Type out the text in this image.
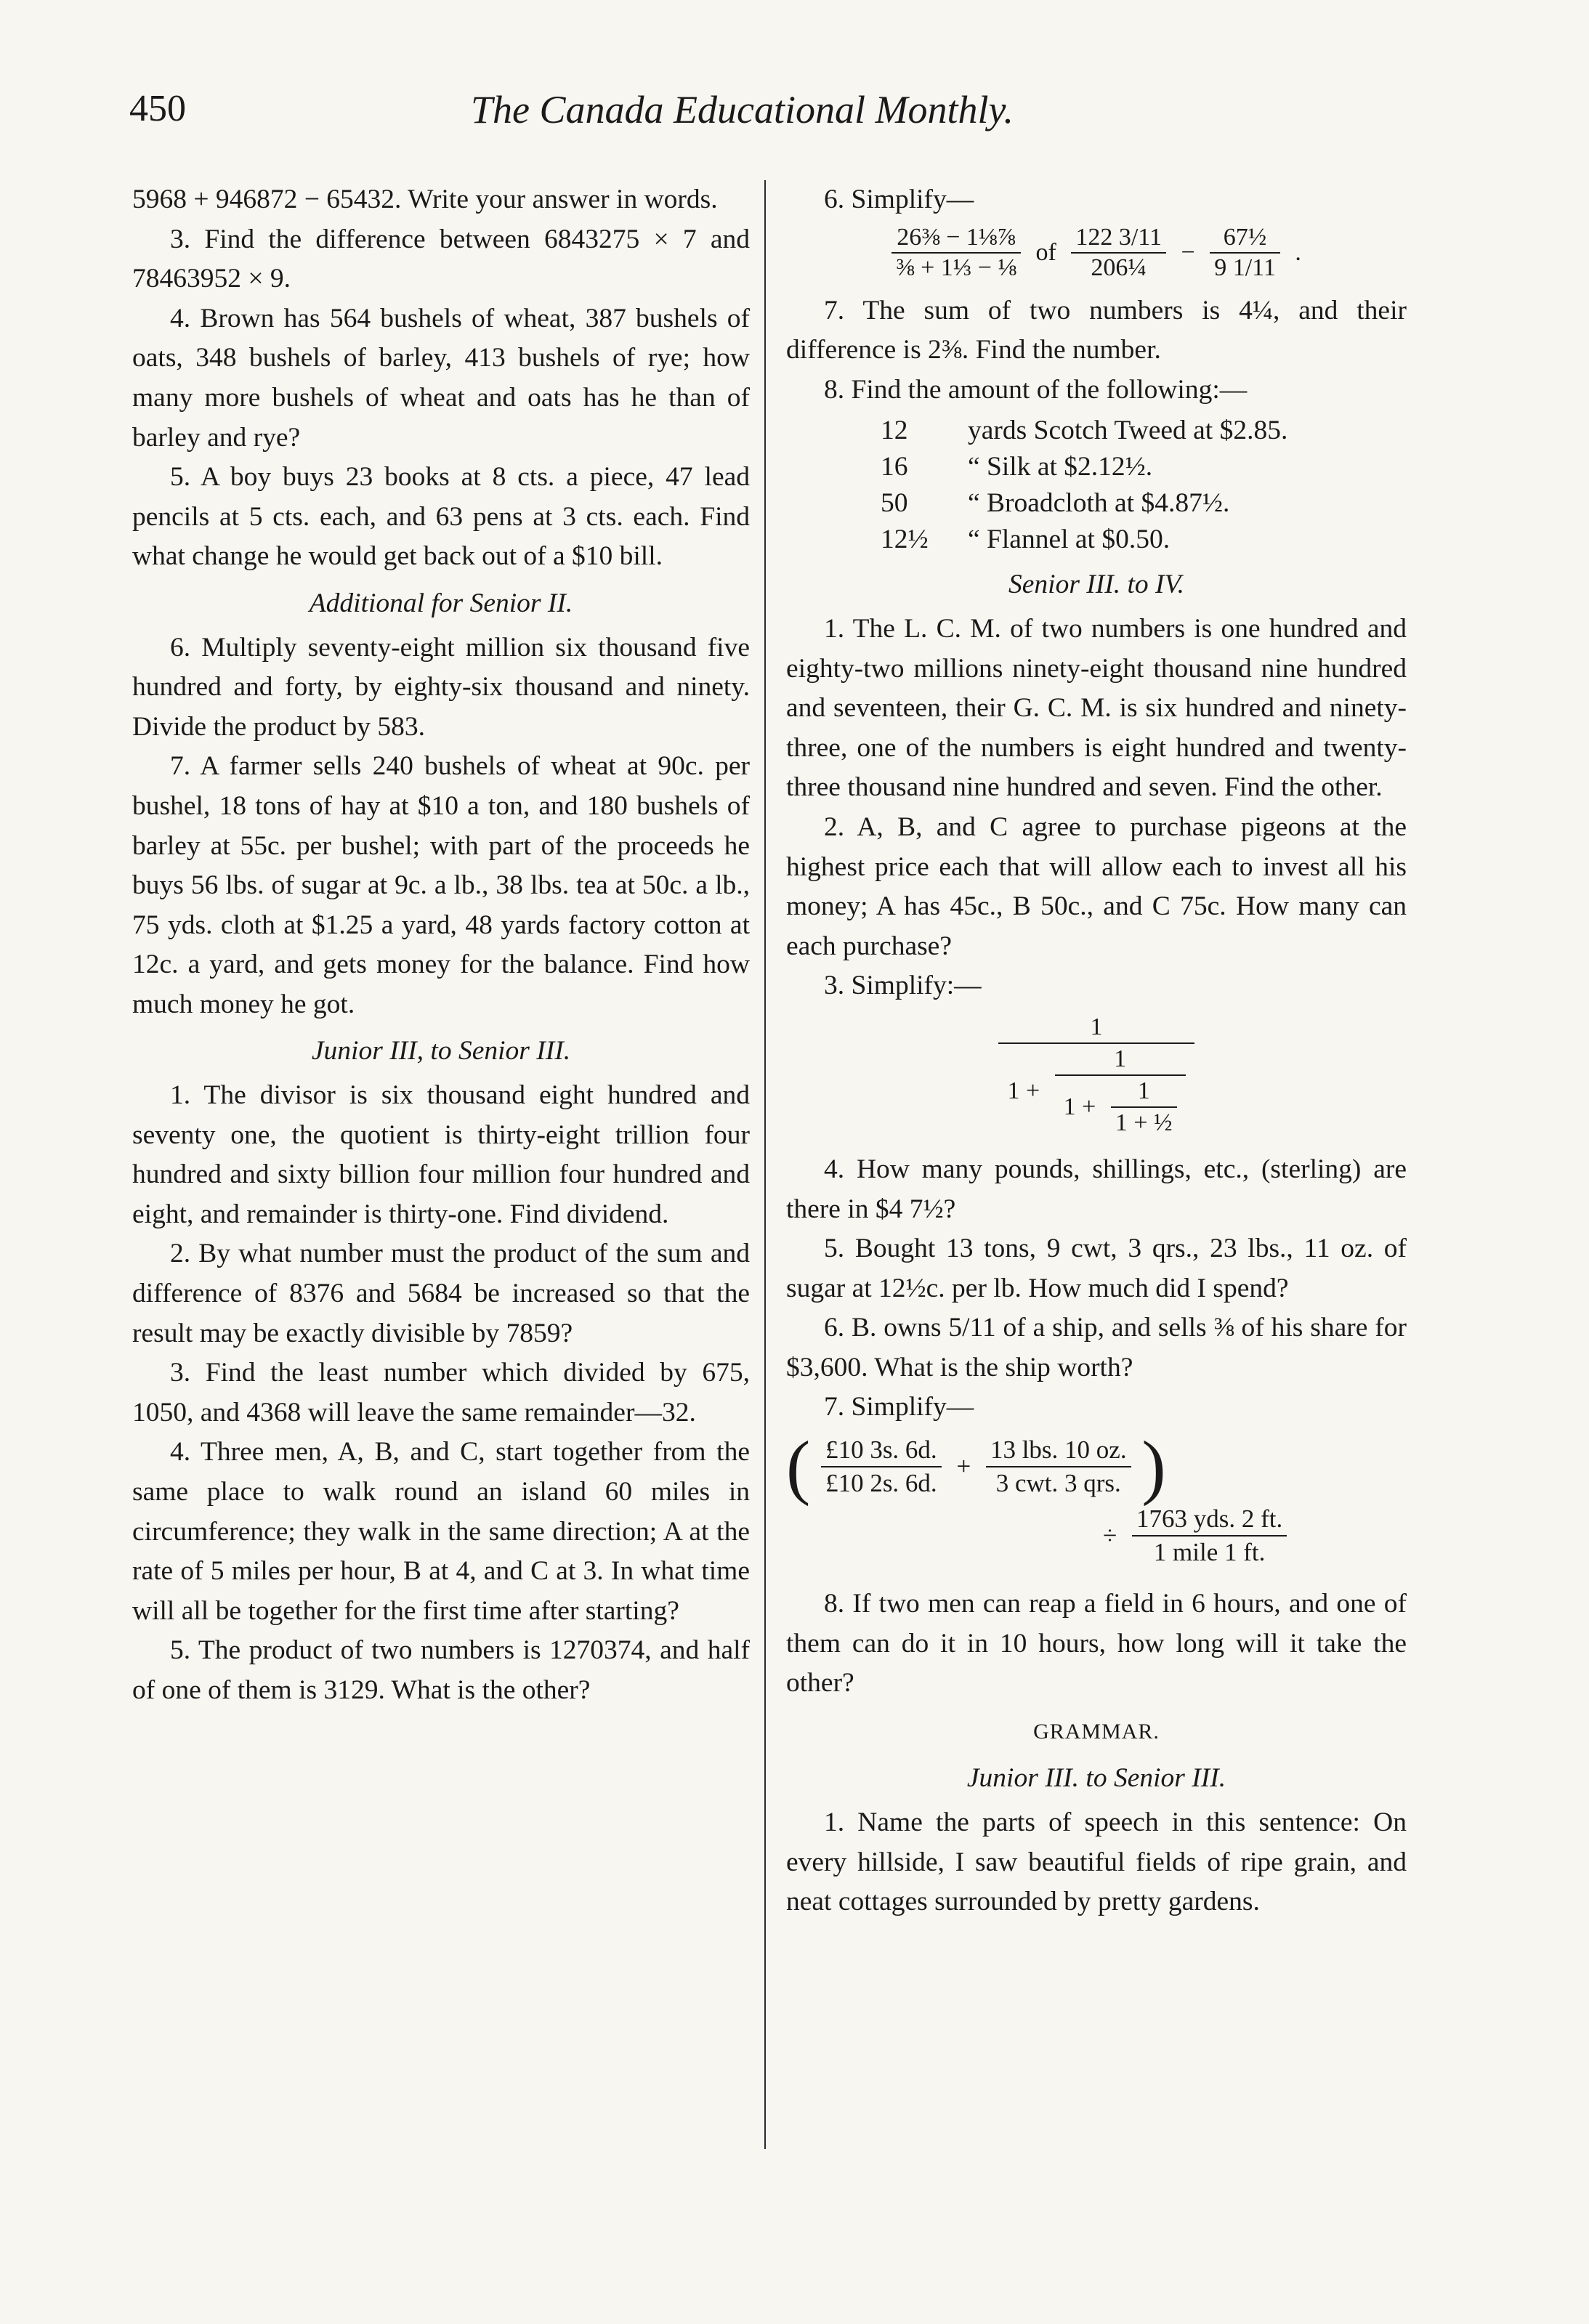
450	The Canada Educational Monthly.

5968 + 946872 − 65432. Write your answer in words.

3. Find the difference between 6843275 × 7 and 78463952 × 9.

4. Brown has 564 bushels of wheat, 387 bushels of oats, 348 bushels of barley, 413 bushels of rye; how many more bushels of wheat and oats has he than of barley and rye?

5. A boy buys 23 books at 8 cts. a piece, 47 lead pencils at 5 cts. each, and 63 pens at 3 cts. each. Find what change he would get back out of a $10 bill.

Additional for Senior II.

6. Multiply seventy-eight million six thousand five hundred and forty, by eighty-six thousand and ninety. Divide the product by 583.

7. A farmer sells 240 bushels of wheat at 90c. per bushel, 18 tons of hay at $10 a ton, and 180 bushels of barley at 55c. per bushel; with part of the proceeds he buys 56 lbs. of sugar at 9c. a lb., 38 lbs. tea at 50c. a lb., 75 yds. cloth at $1.25 a yard, 48 yards factory cotton at 12c. a yard, and gets money for the balance. Find how much money he got.

Junior III, to Senior III.

1. The divisor is six thousand eight hundred and seventy one, the quotient is thirty-eight trillion four hundred and sixty billion four million four hundred and eight, and remainder is thirty-one. Find dividend.

2. By what number must the product of the sum and difference of 8376 and 5684 be increased so that the result may be exactly divisible by 7859?

3. Find the least number which divided by 675, 1050, and 4368 will leave the same remainder—32.

4. Three men, A, B, and C, start together from the same place to walk round an island 60 miles in circumference; they walk in the same direction; A at the rate of 5 miles per hour, B at 4, and C at 3. In what time will all be together for the first time after starting?

5. The product of two numbers is 1270374, and half of one of them is 3129. What is the other?

6. Simplify—

$\frac{\text{26⅜ − 1⅛⅞}}{\text{⅜ + 1⅓ − ⅛}}$ of $\frac{122 3/11}{\text{206¼}} - \frac{\text{67½}}{9 1/11}$ .

7. The sum of two numbers is 4¼, and their difference is 2⅜. Find the number.

8. Find the amount of the following:—

12	yards Scotch Tweed at $2.85.
16	“ Silk at $2.12½.
50	“ Broadcloth at $4.87½.
12½	“ Flannel at $0.50.

Senior III. to IV.

1. The L. C. M. of two numbers is one hundred and eighty-two millions ninety-eight thousand nine hundred and seventeen, their G. C. M. is six hundred and ninety-three, one of the numbers is eight hundred and twenty-three thousand nine hundred and seven. Find the other.

2. A, B, and C agree to purchase pigeons at the highest price each that will allow each to invest all his money; A has 45c., B 50c., and C 75c. How many can each purchase?

3. Simplify:—

1
$1 + \frac{1}{1 + \frac{1}{\text{1 + ½}}}$

4. How many pounds, shillings, etc., (sterling) are there in $4 7½?

5. Bought 13 tons, 9 cwt, 3 qrs., 23 lbs., 11 oz. of sugar at 12½c. per lb. How much did I spend?

6. B. owns 5/11 of a ship, and sells ⅜ of his share for $3,600. What is the ship worth?

7. Simplify—

( $\frac{£10 3s. 6d.}{£10 2s. 6d.} + \frac{\text{13 lbs. 10 oz.}}{\text{3 cwt. 3 qrs.}}$ )
÷ $\frac{\text{1763 yds. 2 ft.}}{\text{1 mile 1 ft.}}$

8. If two men can reap a field in 6 hours, and one of them can do it in 10 hours, how long will it take the other?

GRAMMAR.

Junior III. to Senior III.

1. Name the parts of speech in this sentence: On every hillside, I saw beautiful fields of ripe grain, and neat cottages surrounded by pretty gardens.
